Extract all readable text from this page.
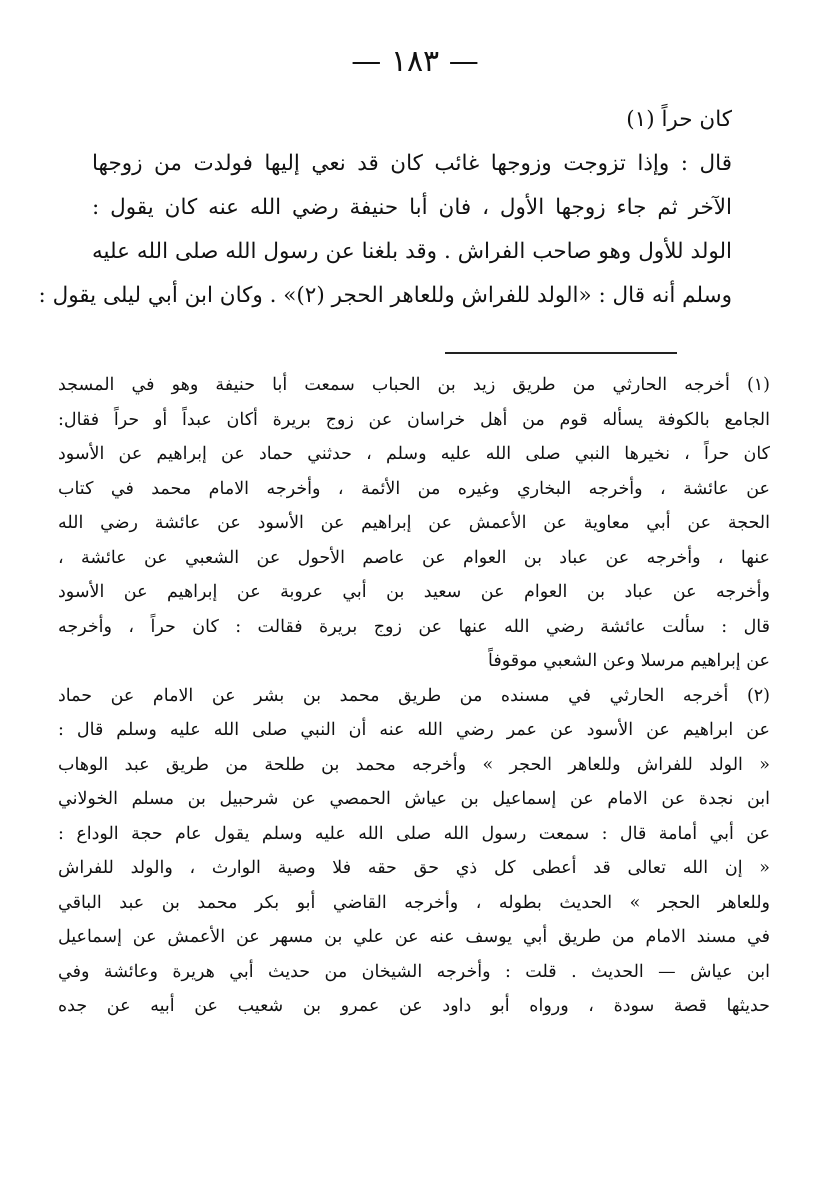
— ١٨٣ —
كان حراً (١)
قال : وإذا تزوجت وزوجها غائب كان قد نعي إليها فولدت من زوجها
الآخر ثم جاء زوجها الأول ، فان أبا حنيفة رضي الله عنه كان يقول :
الولد للأول وهو صاحب الفراش . وقد بلغنا عن رسول الله صلى الله عليه
وسلم أنه قال : «الولد للفراش وللعاهر الحجر (٢)» . وكان ابن أبي ليلى يقول :
(١) أخرجه الحارثي من طريق زيد بن الحباب سمعت أبا حنيفة وهو في المسجد
الجامع بالكوفة يسأله قوم من أهل خراسان عن زوج بريرة أكان عبداً أو حراً فقال:
كان حراً ، نخيرها النبي صلى الله عليه وسلم ، حدثني حماد عن إبراهيم عن الأسود
عن عائشة ، وأخرجه البخاري وغيره من الأئمة ، وأخرجه الامام محمد في كتاب
الحجة عن أبي معاوية عن الأعمش عن إبراهيم عن الأسود عن عائشة رضي الله
عنها ، وأخرجه عن عباد بن العوام عن عاصم الأحول عن الشعبي عن عائشة ،
وأخرجه عن عباد بن العوام عن سعيد بن أبي عروبة عن إبراهيم عن الأسود
قال : سألت عائشة رضي الله عنها عن زوج بريرة فقالت : كان حراً ، وأخرجه
عن إبراهيم مرسلا وعن الشعبي موقوفاً
(٢) أخرجه الحارثي في مسنده من طريق محمد بن بشر عن الامام عن حماد
عن ابراهيم عن الأسود عن عمر رضي الله عنه أن النبي صلى الله عليه وسلم قال :
« الولد للفراش وللعاهر الحجر » وأخرجه محمد بن طلحة من طريق عبد الوهاب
ابن نجدة عن الامام عن إسماعيل بن عياش الحمصي عن شرحبيل بن مسلم الخولاني
عن أبي أمامة قال : سمعت رسول الله صلى الله عليه وسلم يقول عام حجة الوداع :
« إن الله تعالى قد أعطى كل ذي حق حقه فلا وصية الوارث ، والولد للفراش
وللعاهر الحجر » الحديث بطوله ، وأخرجه القاضي أبو بكر محمد بن عبد الباقي
في مسند الامام من طريق أبي يوسف عنه عن علي بن مسهر عن الأعمش عن إسماعيل
ابن عياش — الحديث . قلت : وأخرجه الشيخان من حديث أبي هريرة وعائشة وفي
حديثها قصة سودة ، ورواه أبو داود عن عمرو بن شعيب عن أبيه عن جده
